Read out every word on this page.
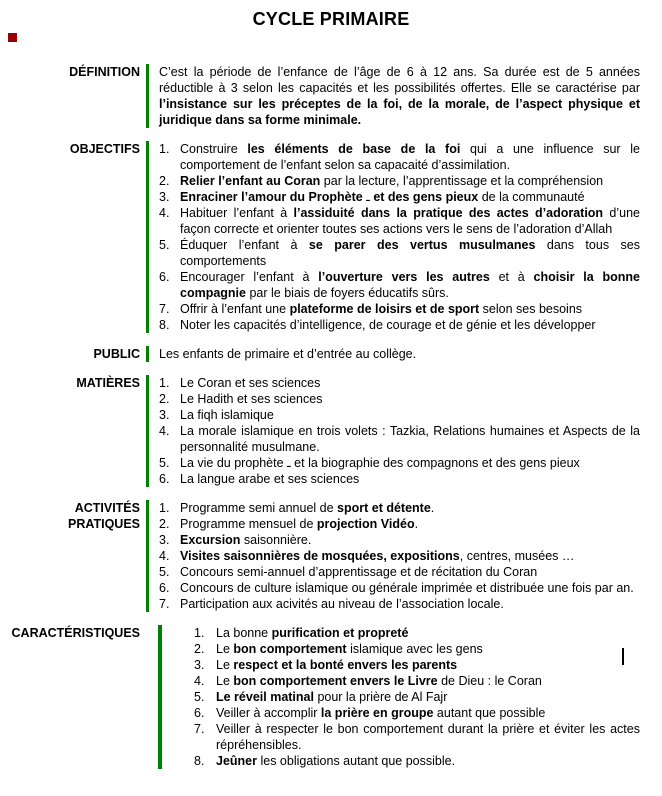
CYCLE PRIMAIRE
DÉFINITION C’est la période de l’enfance de l’âge de 6 à 12 ans. Sa durée est de 5 années réductible à 3 selon les capacités et les possibilités offertes. Elle se caractérise par l’insistance sur les préceptes de la foi, de la morale, de l’aspect physique et juridique dans sa forme minimale.

OBJECTIFS 1. Construire les éléments de base de la foi qui a une influence sur le comportement de l’enfant selon sa capacaité d’assimilation.
2. Relier l’enfant au Coran par la lecture, l’apprentissage et la compréhension
3. Enraciner l’amour du Prophète ـ et des gens pieux de la communauté
4. Habituer l’enfant à l’assiduité dans la pratique des actes d’adoration d’une façon correcte et orienter toutes ses actions vers le sens de l’adoration d’Allah
5. Éduquer l’enfant à se parer des vertus musulmanes dans tous ses comportements
6. Encourager l’enfant à l’ouverture vers les autres et à choisir la bonne compagnie par le biais de foyers éducatifs sûrs.
7. Offrir à l’enfant une plateforme de loisirs et de sport selon ses besoins
8. Noter les capacités d’intelligence, de courage et de génie et les développer
PUBLIC Les enfants de primaire et d’entrée au collège.

MATIÈRES 1. Le Coran et ses sciences
2. Le Hadith et ses sciences
3. La fiqh islamique
4. La morale islamique en trois volets : Tazkia, Relations humaines et Aspects de la personnalité musulmane.
5. La vie du prophète ـ et la biographie des compagnons et des gens pieux
6. La langue arabe et ses sciences
ACTIVITÉS
PRATIQUES
1. Programme semi annuel de sport et détente.
2. Programme mensuel de projection Vidéo.
3. Excursion saisonnière.
4. Visites saisonnières de mosquées, expositions, centres, musées …
5. Concours semi-annuel d’apprentissage et de récitation du Coran
6. Concours de culture islamique ou générale imprimée et distribuée une fois par an.
7. Participation aux acivités au niveau de l’association locale.
CARACTÉRISTIQUES	1. La bonne purification et propreté
2. Le bon comportement islamique avec les gens
3. Le respect et la bonté envers les parents
4. Le bon comportement envers le Livre de Dieu : le Coran
5. Le réveil matinal pour la prière de Al Fajr
6. Veiller à accomplir la prière en groupe autant que possible
7. Veiller à respecter le bon comportement durant la prière et éviter les actes répréhensibles.
8. Jeûner les obligations autant que possible.
